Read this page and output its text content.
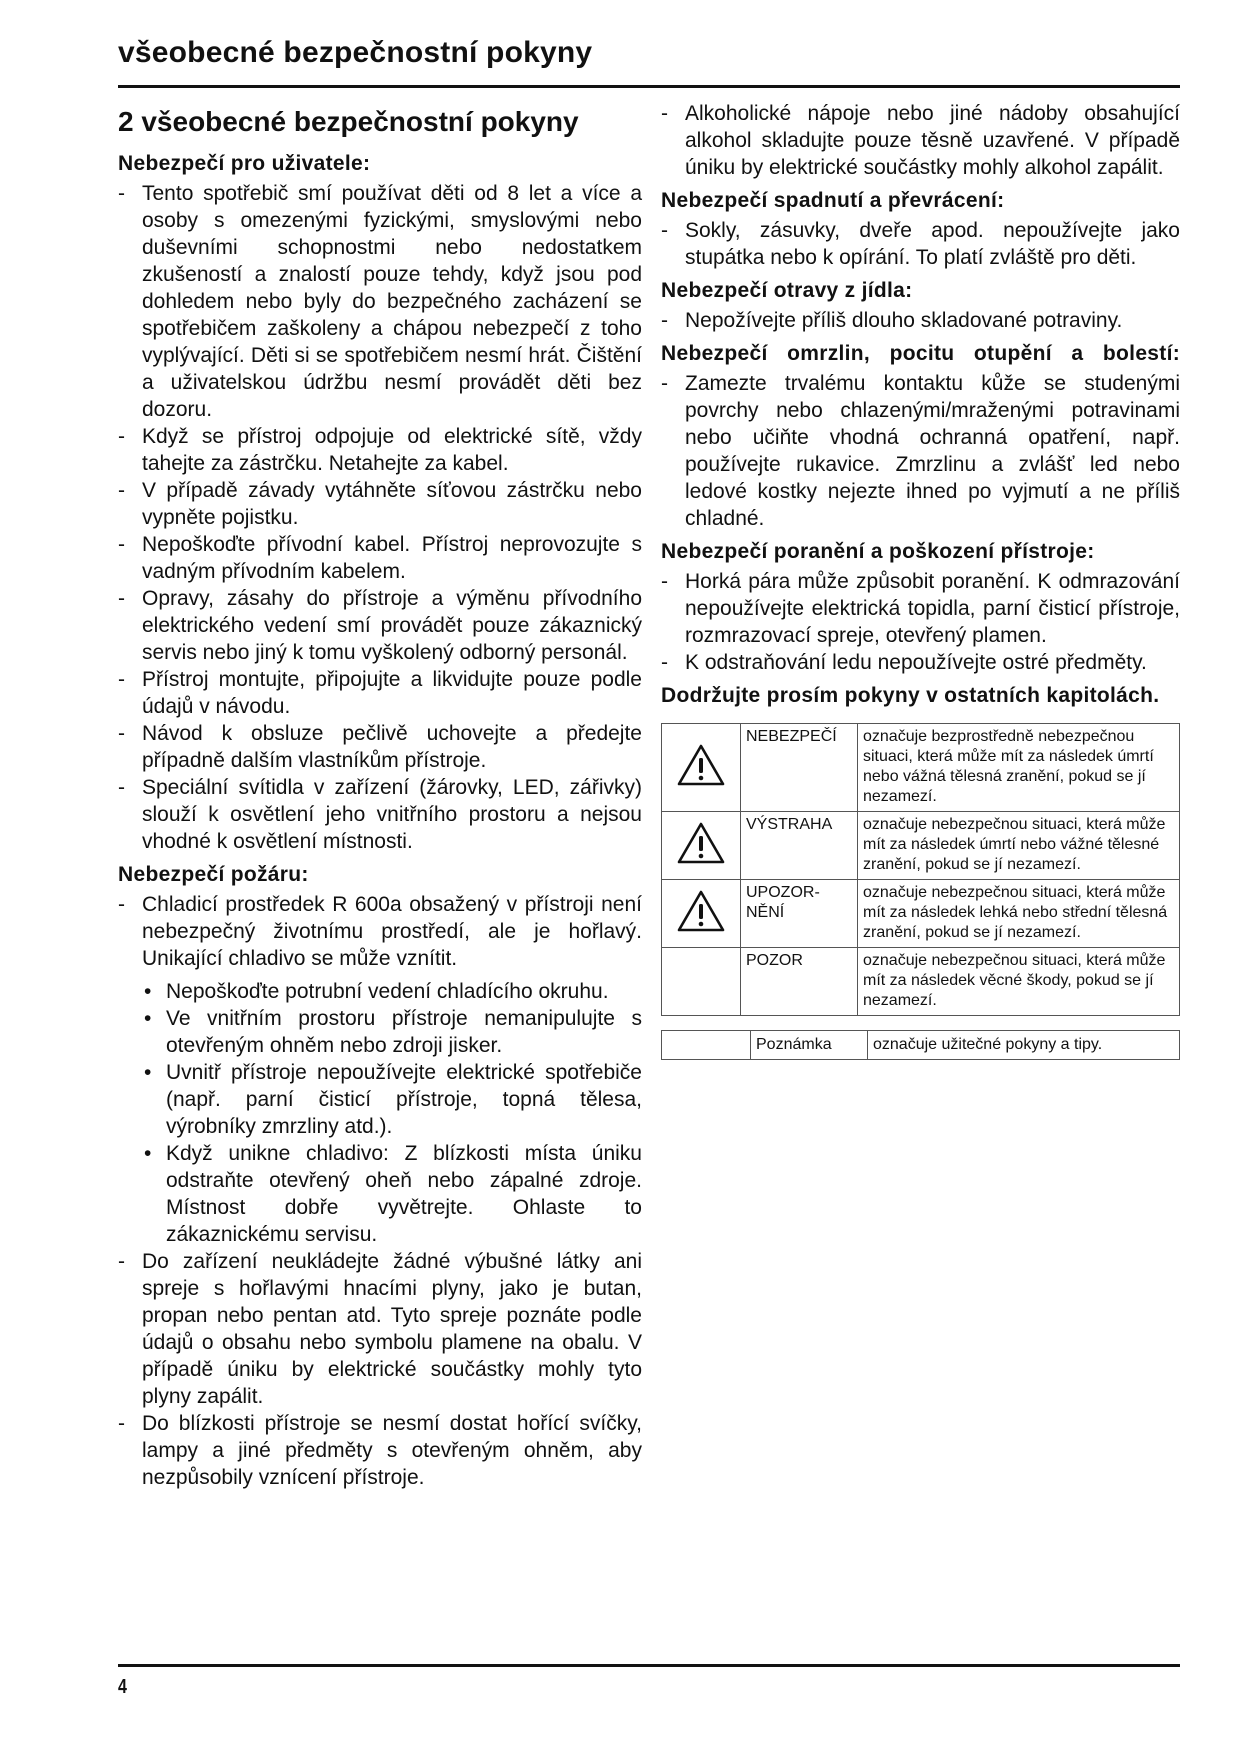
všeobecné bezpečnostní pokyny
2 všeobecné bezpečnostní pokyny
Nebezpečí pro uživatele:
- Tento spotřebič smí používat děti od 8 let a více a osoby s omezenými fyzickými, smyslovými nebo duševními schopnostmi nebo nedostatkem zkušeností a znalostí pouze tehdy, když jsou pod dohledem nebo byly do bezpečného zacházení se spotřebičem zaškoleny a chápou nebezpečí z toho vyplývající. Děti si se spotřebičem nesmí hrát. Čištění a uživatelskou údržbu nesmí provádět děti bez dozoru.
- Když se přístroj odpojuje od elektrické sítě, vždy tahejte za zástrčku. Netahejte za kabel.
- V případě závady vytáhněte síťovou zástrčku nebo vypněte pojistku.
- Nepoškoďte přívodní kabel. Přístroj neprovozujte s vadným přívodním kabelem.
- Opravy, zásahy do přístroje a výměnu přívodního elektrického vedení smí provádět pouze zákaznický servis nebo jiný k tomu vyškolený odborný personál.
- Přístroj montujte, připojujte a likvidujte pouze podle údajů v návodu.
- Návod k obsluze pečlivě uchovejte a předejte případně dalším vlastníkům přístroje.
- Speciální svítidla v zařízení (žárovky, LED, zářivky) slouží k osvětlení jeho vnitřního prostoru a nejsou vhodné k osvětlení místnosti.
Nebezpečí požáru:
- Chladicí prostředek R 600a obsažený v přístroji není nebezpečný životnímu prostředí, ale je hořlavý. Unikající chladivo se může vznítit.
• Nepoškoďte potrubní vedení chladícího okruhu.
• Ve vnitřním prostoru přístroje nemanipulujte s otevřeným ohněm nebo zdroji jisker.
• Uvnitř přístroje nepoužívejte elektrické spotřebiče (např. parní čisticí přístroje, topná tělesa, výrobníky zmrzliny atd.).
• Když unikne chladivo: Z blízkosti místa úniku odstraňte otevřený oheň nebo zápalné zdroje. Místnost dobře vyvětrejte. Ohlaste to zákaznickému servisu.
- Do zařízení neukládejte žádné výbušné látky ani spreje s hořlavými hnacími plyny, jako je butan, propan nebo pentan atd. Tyto spreje poznáte podle údajů o obsahu nebo symbolu plamene na obalu. V případě úniku by elektrické součástky mohly tyto plyny zapálit.
- Do blízkosti přístroje se nesmí dostat hořící svíčky, lampy a jiné předměty s otevřeným ohněm, aby nezpůsobily vznícení přístroje.
- Alkoholické nápoje nebo jiné nádoby obsahující alkohol skladujte pouze těsně uzavřené. V případě úniku by elektrické součástky mohly alkohol zapálit.
Nebezpečí spadnutí a převrácení:
- Sokly, zásuvky, dveře apod. nepoužívejte jako stupátka nebo k opírání. To platí zvláště pro děti.
Nebezpečí otravy z jídla:
- Nepožívejte příliš dlouho skladované potraviny.
Nebezpečí omrzlin, pocitu otupění a bolestí:
- Zamezte trvalému kontaktu kůže se studenými povrchy nebo chlazenými/mraženými potravinami nebo učiňte vhodná ochranná opatření, např. používejte rukavice. Zmrzlinu a zvlášť led nebo ledové kostky nejezte ihned po vyjmutí a ne příliš chladné.
Nebezpečí poranění a poškození přístroje:
- Horká pára může způsobit poranění. K odmrazování nepoužívejte elektrická topidla, parní čisticí přístroje, rozmrazovací spreje, otevřený plamen.
- K odstraňování ledu nepoužívejte ostré předměty.
Dodržujte prosím pokyny v ostatních kapitolách.
	NEBEZPEČÍ	označuje bezprostředně nebezpečnou situaci, která může mít za následek úmrtí nebo vážná tělesná zranění, pokud se jí nezamezí.
	VÝSTRAHA	označuje nebezpečnou situaci, která může mít za následek úmrtí nebo vážné tělesné zranění, pokud se jí nezamezí.
	UPOZOR-NĚNÍ	označuje nebezpečnou situaci, která může mít za následek lehká nebo střední tělesná zranění, pokud se jí nezamezí.
	POZOR	označuje nebezpečnou situaci, která může mít za následek věcné škody, pokud se jí nezamezí.
	Poznámka	označuje užitečné pokyny a tipy.
4
